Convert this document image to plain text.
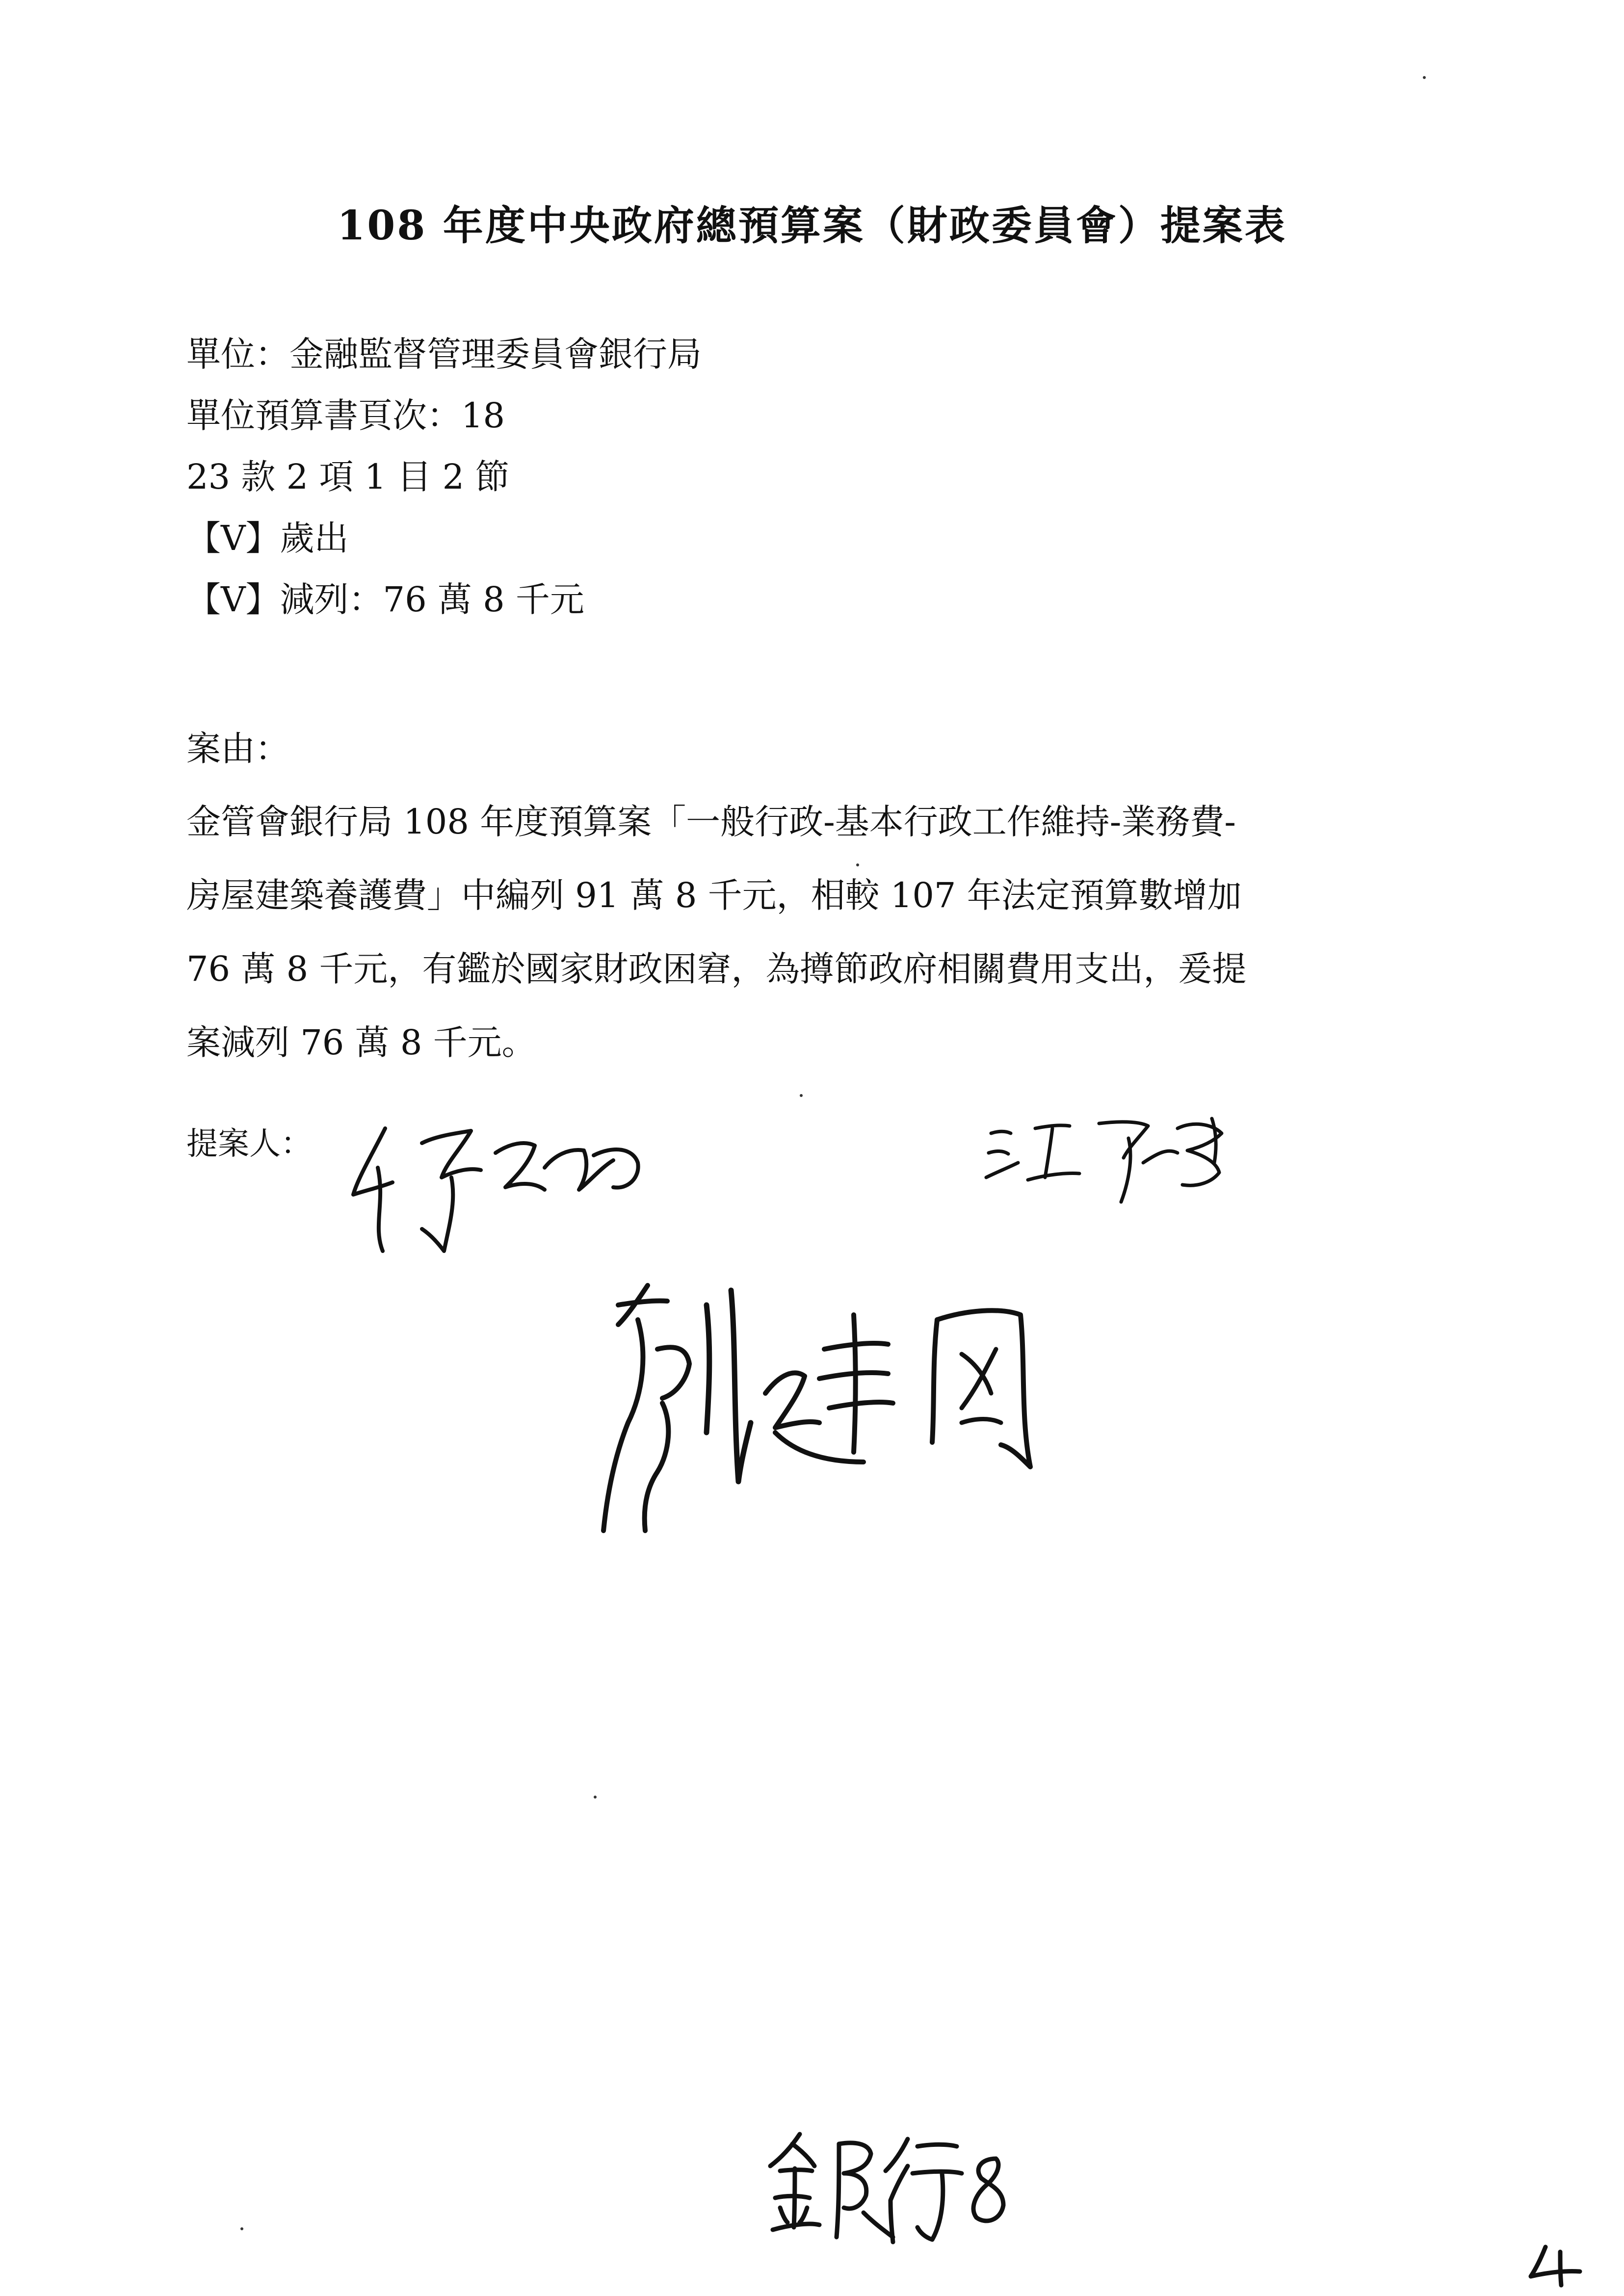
108 年度中央政府總預算案（財政委員會）提案表
單位：金融監督管理委員會銀行局
單位預算書頁次：18
23 款 2 項 1 目 2 節
【V】歲出
【V】減列：76 萬 8 千元
案由：
金管會銀行局 108 年度預算案「一般行政-基本行政工作維持-業務費-
房屋建築養護費」中編列 91 萬 8 千元，相較 107 年法定預算數增加
76 萬 8 千元，有鑑於國家財政困窘，為撙節政府相關費用支出，爰提
案減列 76 萬 8 千元。
提案人：
